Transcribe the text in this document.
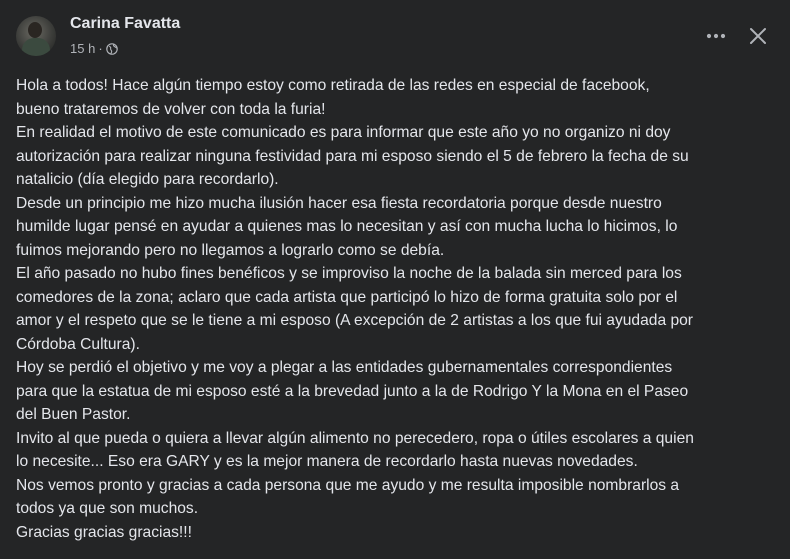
Carina Favatta
15 h ·
Hola a todos! Hace algún tiempo estoy como retirada de las redes en especial de facebook,
bueno trataremos de volver con toda la furia!
En realidad el motivo de este comunicado es para informar que este año yo no organizo ni doy
autorización para realizar ninguna festividad para mi esposo siendo el 5 de febrero la fecha de su
natalicio (día elegido para recordarlo).
Desde un principio me hizo mucha ilusión hacer esa fiesta recordatoria porque desde nuestro
humilde lugar pensé en ayudar a quienes mas lo necesitan y así con mucha lucha lo hicimos, lo
fuimos mejorando pero no llegamos a lograrlo como se debía.
El año pasado no hubo fines benéficos y se improviso la noche de la balada sin merced para los
comedores de la zona; aclaro que cada artista que participó lo hizo de forma gratuita solo por el
amor y el respeto que se le tiene a mi esposo (A excepción de 2 artistas a los que fui ayudada por
Córdoba Cultura).
Hoy se perdió el objetivo y me voy a plegar a las entidades gubernamentales correspondientes
para que la estatua de mi esposo esté a la brevedad junto a la de Rodrigo Y la Mona en el Paseo
del Buen Pastor.
Invito al que pueda o quiera a llevar algún alimento no perecedero, ropa o útiles escolares a quien
lo necesite... Eso era GARY y es la mejor manera de recordarlo hasta nuevas novedades.
Nos vemos pronto y gracias a cada persona que me ayudo y me resulta imposible nombrarlos a
todos ya que son muchos.
Gracias gracias gracias!!!
